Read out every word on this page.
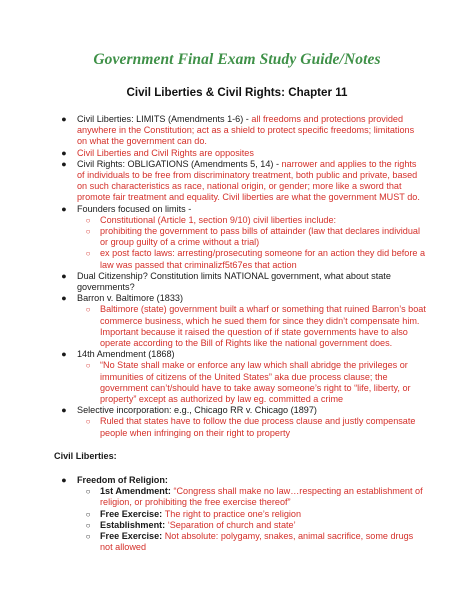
Government Final Exam Study Guide/Notes
Civil Liberties & Civil Rights: Chapter 11
● Civil Liberties: LIMITS (Amendments 1-6) - all freedoms and protections provided anywhere in the Constitution; act as a shield to protect specific freedoms; limitations on what the government can do.
● Civil Liberties and Civil Rights are opposites
● Civil Rights: OBLIGATIONS (Amendments 5, 14) - narrower and applies to the rights of individuals to be free from discriminatory treatment, both public and private, based on such characteristics as race, national origin, or gender; more like a sword that promote fair treatment and equality. Civil liberties are what the government MUST do.
● Founders focused on limits -
○ Constitutional (Article 1, section 9/10) civil liberties include:
○ prohibiting the government to pass bills of attainder (law that declares individual or group guilty of a crime without a trial)
○ ex post facto laws: arresting/prosecuting someone for an action they did before a law was passed that criminalizf5t67es that action
● Dual Citizenship? Constitution limits NATIONAL government, what about state governments?
● Barron v. Baltimore (1833)
○ Baltimore (state) government built a wharf or something that ruined Barron’s boat commerce business, which he sued them for since they didn’t compensate him. Important because it raised the question of if state governments have to also operate according to the Bill of Rights like the national government does.
● 14th Amendment (1868)
○ “No State shall make or enforce any law which shall abridge the privileges or immunities of citizens of the United States” aka due process clause; the government can’t/should have to take away someone’s right to “life, liberty, or property” except as authorized by law eg. committed a crime
● Selective incorporation: e.g., Chicago RR v. Chicago (1897)
○ Ruled that states have to follow the due process clause and justly compensate people when infringing on their right to property

Civil Liberties:

● Freedom of Religion:
○ 1st Amendment: “Congress shall make no law…respecting an establishment of religion, or prohibiting the free exercise thereof”
○ Free Exercise: The right to practice one’s religion
○ Establishment: ‘Separation of church and state’
○ Free Exercise: Not absolute: polygamy, snakes, animal sacrifice, some drugs not allowed
